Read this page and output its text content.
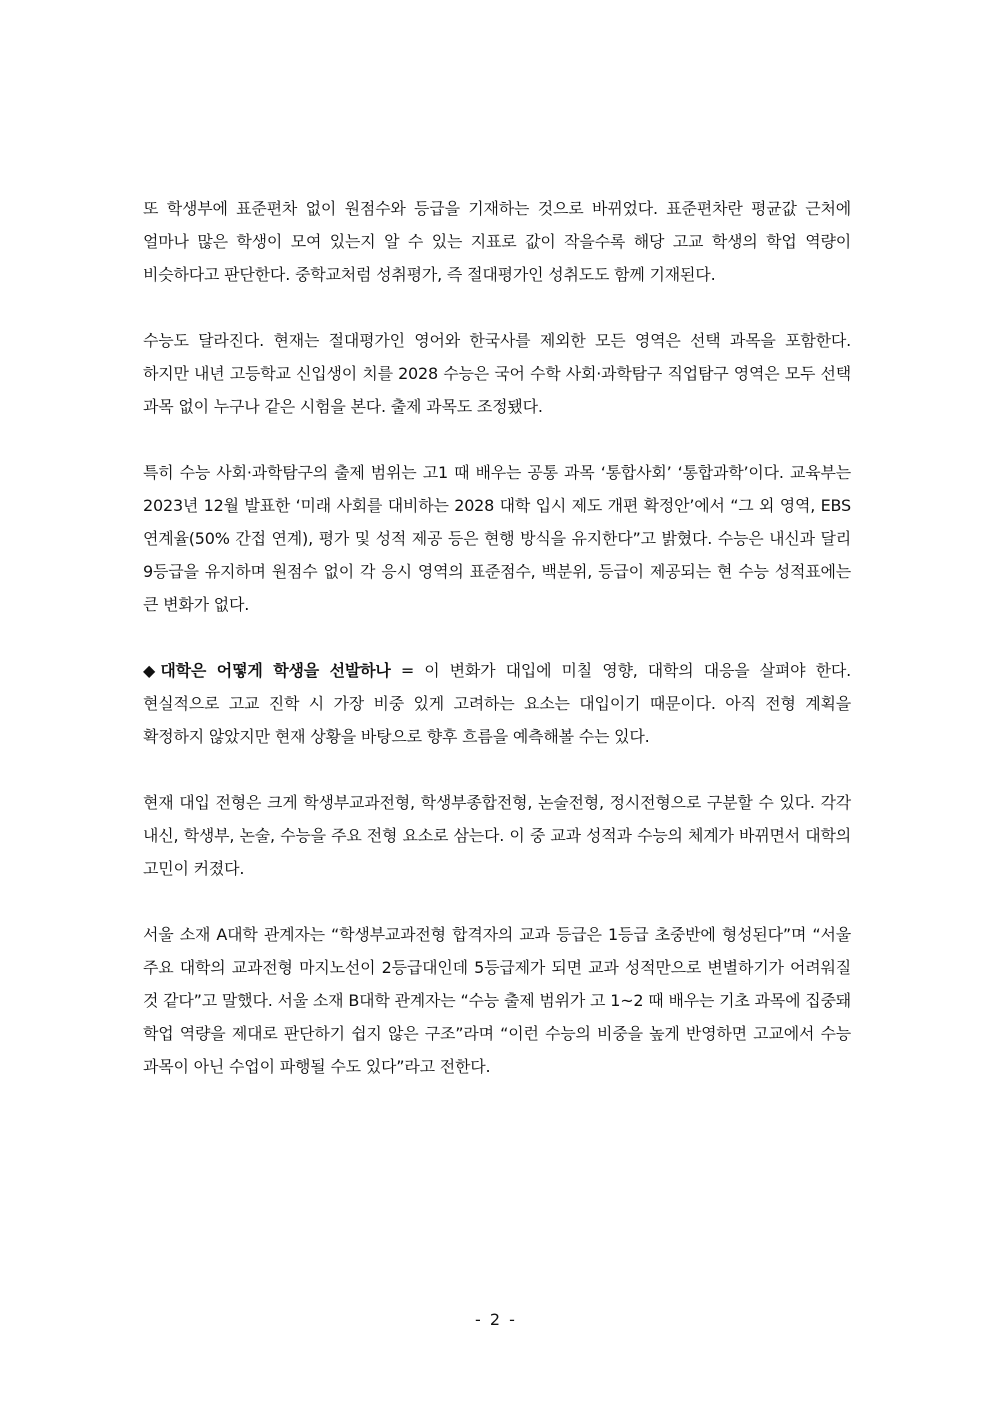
또 학생부에 표준편차 없이 원점수와 등급을 기재하는 것으로 바뀌었다. 표준편차란 평균값 근처에 얼마나 많은 학생이 모여 있는지 알 수 있는 지표로 값이 작을수록 해당 고교 학생의 학업 역량이 비슷하다고 판단한다. 중학교처럼 성취평가, 즉 절대평가인 성취도도 함께 기재된다.

수능도 달라진다. 현재는 절대평가인 영어와 한국사를 제외한 모든 영역은 선택 과목을 포함한다. 하지만 내년 고등학교 신입생이 치를 2028 수능은 국어 수학 사회·과학탐구 직업탐구 영역은 모두 선택 과목 없이 누구나 같은 시험을 본다. 출제 과목도 조정됐다.

특히 수능 사회·과학탐구의 출제 범위는 고1 때 배우는 공통 과목 ‘통합사회’ ‘통합과학’이다. 교육부는 2023년 12월 발표한 ‘미래 사회를 대비하는 2028 대학 입시 제도 개편 확정안’에서 “그 외 영역, EBS 연계율(50% 간접 연계), 평가 및 성적 제공 등은 현행 방식을 유지한다”고 밝혔다. 수능은 내신과 달리 9등급을 유지하며 원점수 없이 각 응시 영역의 표준점수, 백분위, 등급이 제공되는 현 수능 성적표에는 큰 변화가 없다.

◆대학은 어떻게 학생을 선발하나 = 이 변화가 대입에 미칠 영향, 대학의 대응을 살펴야 한다. 현실적으로 고교 진학 시 가장 비중 있게 고려하는 요소는 대입이기 때문이다. 아직 전형 계획을 확정하지 않았지만 현재 상황을 바탕으로 향후 흐름을 예측해볼 수는 있다.

현재 대입 전형은 크게 학생부교과전형, 학생부종합전형, 논술전형, 정시전형으로 구분할 수 있다. 각각 내신, 학생부, 논술, 수능을 주요 전형 요소로 삼는다. 이 중 교과 성적과 수능의 체계가 바뀌면서 대학의 고민이 커졌다.

서울 소재 A대학 관계자는 “학생부교과전형 합격자의 교과 등급은 1등급 초중반에 형성된다”며 “서울 주요 대학의 교과전형 마지노선이 2등급대인데 5등급제가 되면 교과 성적만으로 변별하기가 어려워질 것 같다”고 말했다. 서울 소재 B대학 관계자는 “수능 출제 범위가 고 1~2 때 배우는 기초 과목에 집중돼 학업 역량을 제대로 판단하기 쉽지 않은 구조”라며 “이런 수능의 비중을 높게 반영하면 고교에서 수능 과목이 아닌 수업이 파행될 수도 있다”라고 전한다.

- 2 -
